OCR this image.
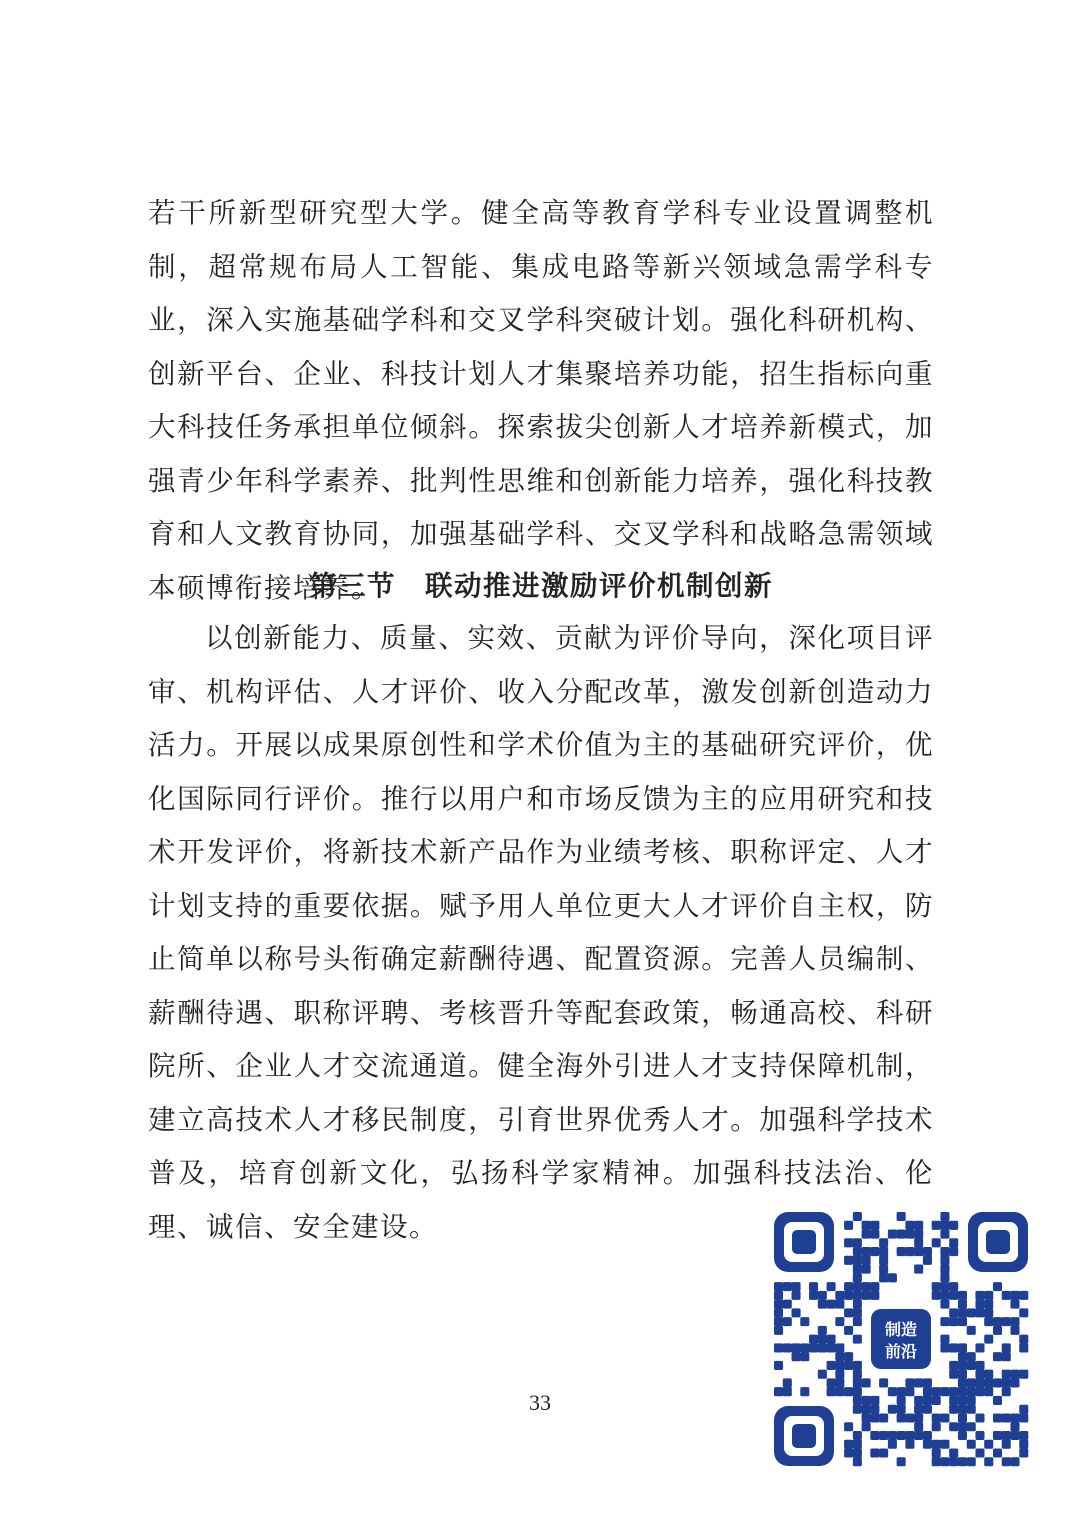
若干所新型研究型大学。健全高等教育学科专业设置调整机制，超常规布局人工智能、集成电路等新兴领域急需学科专业，深入实施基础学科和交叉学科突破计划。强化科研机构、创新平台、企业、科技计划人才集聚培养功能，招生指标向重大科技任务承担单位倾斜。探索拔尖创新人才培养新模式，加强青少年科学素养、批判性思维和创新能力培养，强化科技教育和人文教育协同，加强基础学科、交叉学科和战略急需领域本硕博衔接培养。

第三节　联动推进激励评价机制创新

以创新能力、质量、实效、贡献为评价导向，深化项目评审、机构评估、人才评价、收入分配改革，激发创新创造动力活力。开展以成果原创性和学术价值为主的基础研究评价，优化国际同行评价。推行以用户和市场反馈为主的应用研究和技术开发评价，将新技术新产品作为业绩考核、职称评定、人才计划支持的重要依据。赋予用人单位更大人才评价自主权，防止简单以称号头衔确定薪酬待遇、配置资源。完善人员编制、薪酬待遇、职称评聘、考核晋升等配套政策，畅通高校、科研院所、企业人才交流通道。健全海外引进人才支持保障机制，建立高技术人才移民制度，引育世界优秀人才。加强科学技术普及，培育创新文化，弘扬科学家精神。加强科技法治、伦理、诚信、安全建设。

33
制造
前沿
